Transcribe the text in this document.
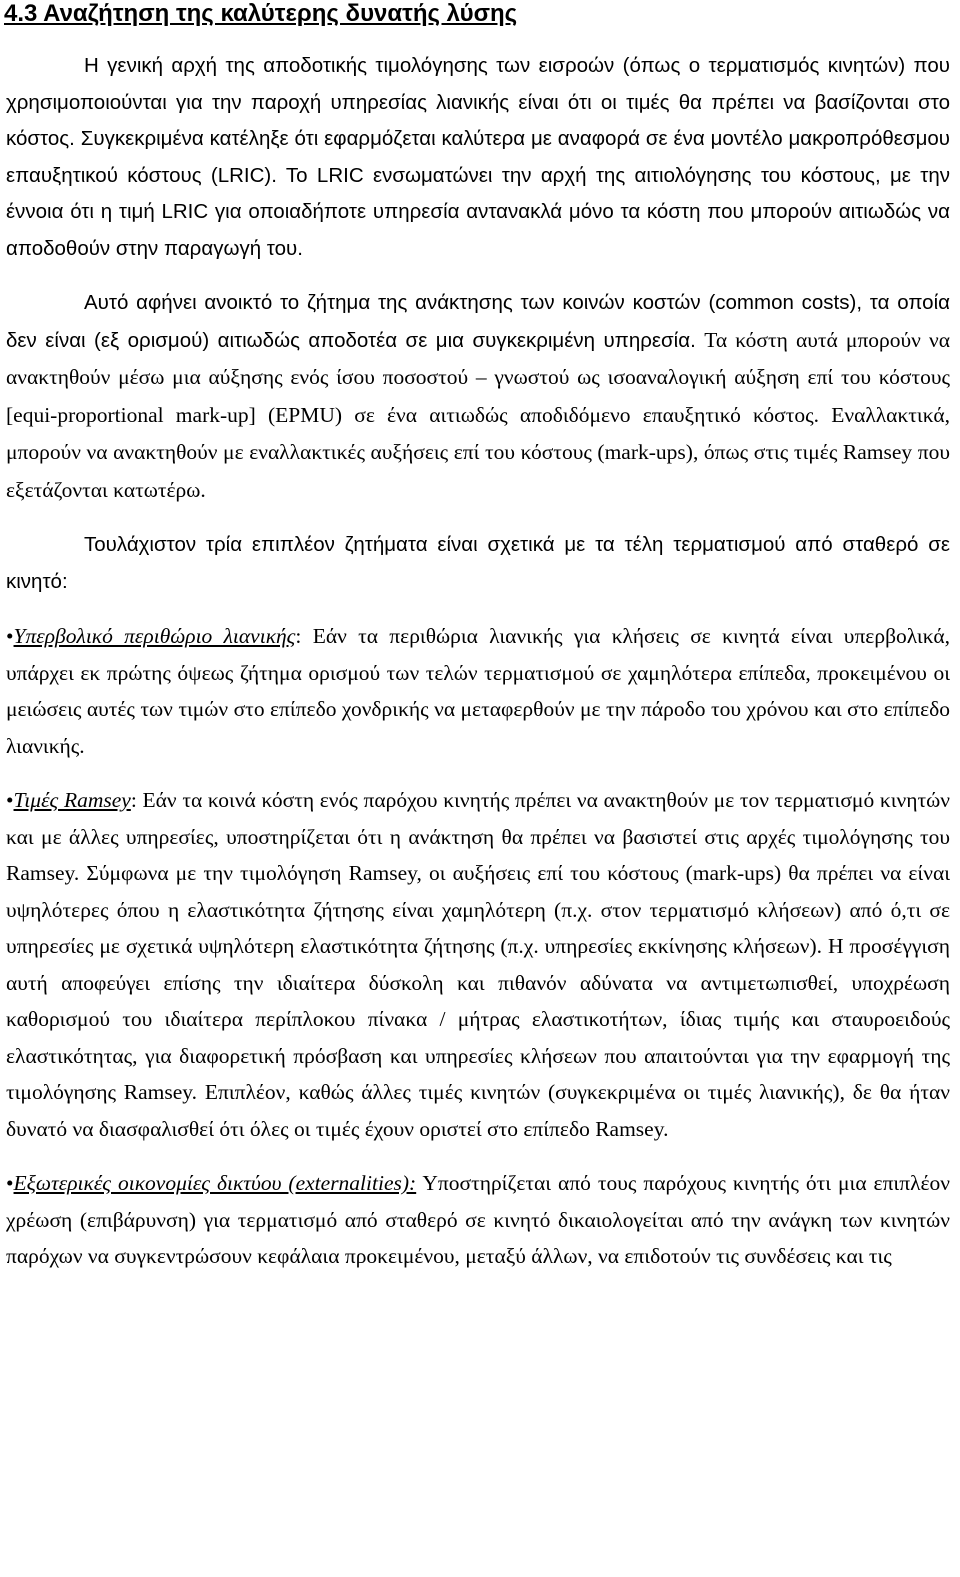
4.3 Αναζήτηση της καλύτερης δυνατής λύσης

Η γενική αρχή της αποδοτικής τιμολόγησης των εισροών (όπως ο τερματισμός κινητών) που χρησιμοποιούνται για την παροχή υπηρεσίας λιανικής είναι ότι οι τιμές θα πρέπει να βασίζονται στο κόστος. Συγκεκριμένα κατέληξε ότι εφαρμόζεται καλύτερα με αναφορά σε ένα μοντέλο μακροπρόθεσμου επαυξητικού κόστους (LRIC). Το LRIC ενσωματώνει την αρχή της αιτιολόγησης του κόστους, με την έννοια ότι η τιμή LRIC για οποιαδήποτε υπηρεσία αντανακλά μόνο τα κόστη που μπορούν αιτιωδώς να αποδοθούν στην παραγωγή του.

Αυτό αφήνει ανοικτό το ζήτημα της ανάκτησης των κοινών κοστών (common costs), τα οποία δεν είναι (εξ ορισμού) αιτιωδώς αποδοτέα σε μια συγκεκριμένη υπηρεσία. Τα κόστη αυτά μπορούν να ανακτηθούν μέσω μια αύξησης ενός ίσου ποσοστού – γνωστού ως ισοαναλογική αύξηση επί του κόστους [equi-proportional mark-up] (EPMU) σε ένα αιτιωδώς αποδιδόμενο επαυξητικό κόστος. Εναλλακτικά, μπορούν να ανακτηθούν με εναλλακτικές αυξήσεις επί του κόστους (mark-ups), όπως στις τιμές Ramsey που εξετάζονται κατωτέρω.

Τουλάχιστον τρία επιπλέον ζητήματα είναι σχετικά με τα τέλη τερματισμού από σταθερό σε κινητό:

•Υπερβολικό περιθώριο λιανικής: Εάν τα περιθώρια λιανικής για κλήσεις σε κινητά είναι υπερβολικά, υπάρχει εκ πρώτης όψεως ζήτημα ορισμού των τελών τερματισμού σε χαμηλότερα επίπεδα, προκειμένου οι μειώσεις αυτές των τιμών στο επίπεδο χονδρικής να μεταφερθούν με την πάροδο του χρόνου και στο επίπεδο λιανικής.

•Τιμές Ramsey: Εάν τα κοινά κόστη ενός παρόχου κινητής πρέπει να ανακτηθούν με τον τερματισμό κινητών και με άλλες υπηρεσίες, υποστηρίζεται ότι η ανάκτηση θα πρέπει να βασιστεί στις αρχές τιμολόγησης του Ramsey. Σύμφωνα με την τιμολόγηση Ramsey, οι αυξήσεις επί του κόστους (mark-ups) θα πρέπει να είναι υψηλότερες όπου η ελαστικότητα ζήτησης είναι χαμηλότερη (π.χ. στον τερματισμό κλήσεων) από ό,τι σε υπηρεσίες με σχετικά υψηλότερη ελαστικότητα ζήτησης (π.χ. υπηρεσίες εκκίνησης κλήσεων). Η προσέγγιση αυτή αποφεύγει επίσης την ιδιαίτερα δύσκολη και πιθανόν αδύνατα να αντιμετωπισθεί, υποχρέωση καθορισμού του ιδιαίτερα περίπλοκου πίνακα / μήτρας ελαστικοτήτων, ίδιας τιμής και σταυροειδούς ελαστικότητας, για διαφορετική πρόσβαση και υπηρεσίες κλήσεων που απαιτούνται για την εφαρμογή της τιμολόγησης Ramsey. Επιπλέον, καθώς άλλες τιμές κινητών (συγκεκριμένα οι τιμές λιανικής), δε θα ήταν δυνατό να διασφαλισθεί ότι όλες οι τιμές έχουν οριστεί στο επίπεδο Ramsey.

•Εξωτερικές οικονομίες δικτύου (externalities): Υποστηρίζεται από τους παρόχους κινητής ότι μια επιπλέον χρέωση (επιβάρυνση) για τερματισμό από σταθερό σε κινητό δικαιολογείται από την ανάγκη των κινητών παρόχων να συγκεντρώσουν κεφάλαια προκειμένου, μεταξύ άλλων, να επιδοτούν τις συνδέσεις και τις
